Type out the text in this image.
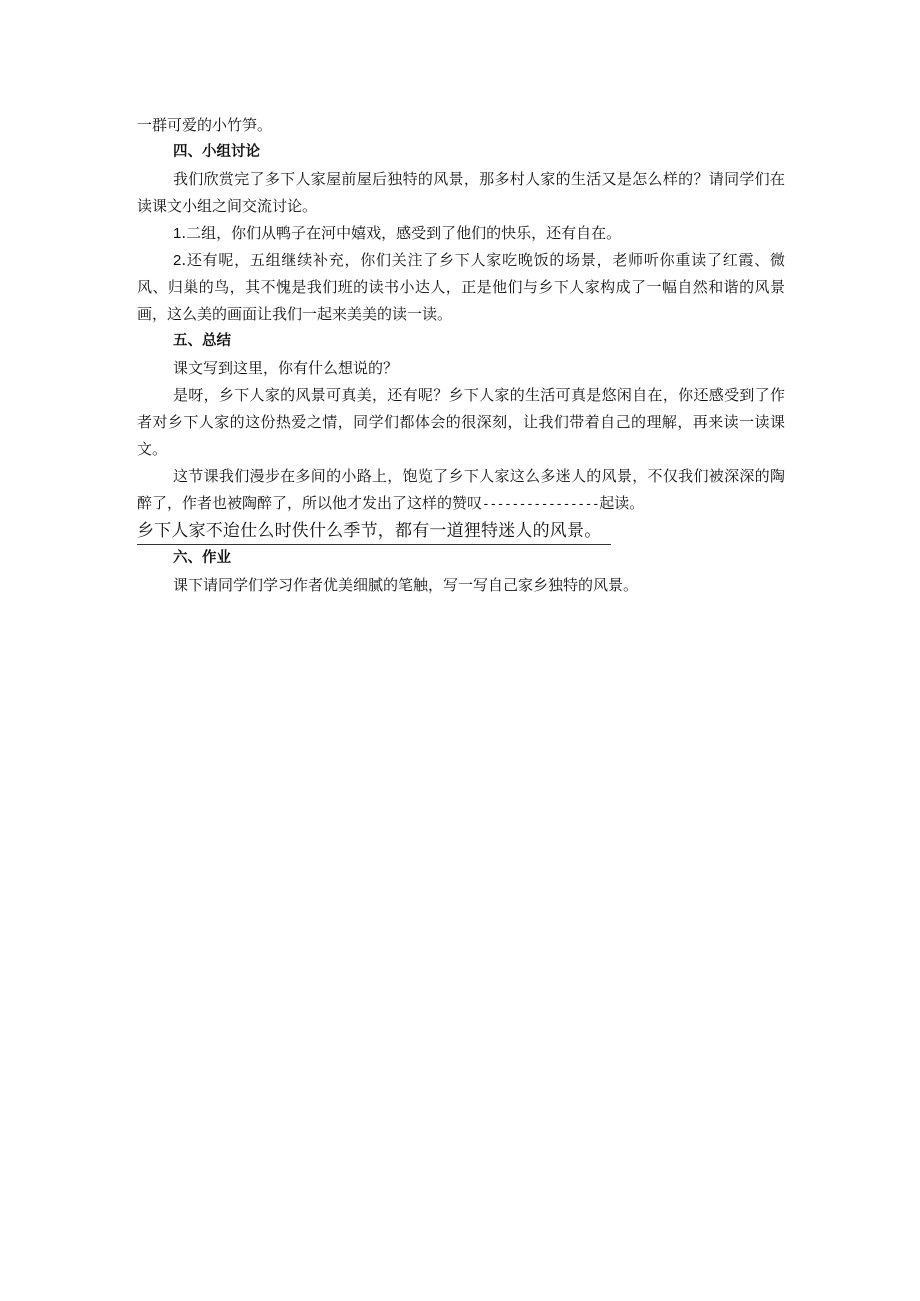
一群可爱的小竹笋。

四、小组讨论

我们欣赏完了多下人家屋前屋后独特的风景，那多村人家的生活又是怎么样的？请同学们在读课文小组之间交流讨论。

1.二组，你们从鸭子在河中嬉戏，感受到了他们的快乐，还有自在。

2.还有呢，五组继续补充，你们关注了乡下人家吃晚饭的场景，老师听你重读了红霞、微风、归巢的鸟，其不愧是我们班的读书小达人，正是他们与乡下人家构成了一幅自然和谐的风景画，这么美的画面让我们一起来美美的读一读。

五、总结

课文写到这里，你有什么想说的？

是呀，乡下人家的风景可真美，还有呢？乡下人家的生活可真是悠闲自在，你还感受到了作者对乡下人家的这份热爱之情，同学们都体会的很深刻，让我们带着自己的理解，再来读一读课文。

这节课我们漫步在多间的小路上，饱览了乡下人家这么多迷人的风景，不仅我们被深深的陶醉了，作者也被陶醉了，所以他才发出了这样的赞叹----------------起读。

乡下人家不迨仕么时佚什么季节，都有一道狸特迷人的风景。

六、作业

课下请同学们学习作者优美细腻的笔触，写一写自己家乡独特的风景。
